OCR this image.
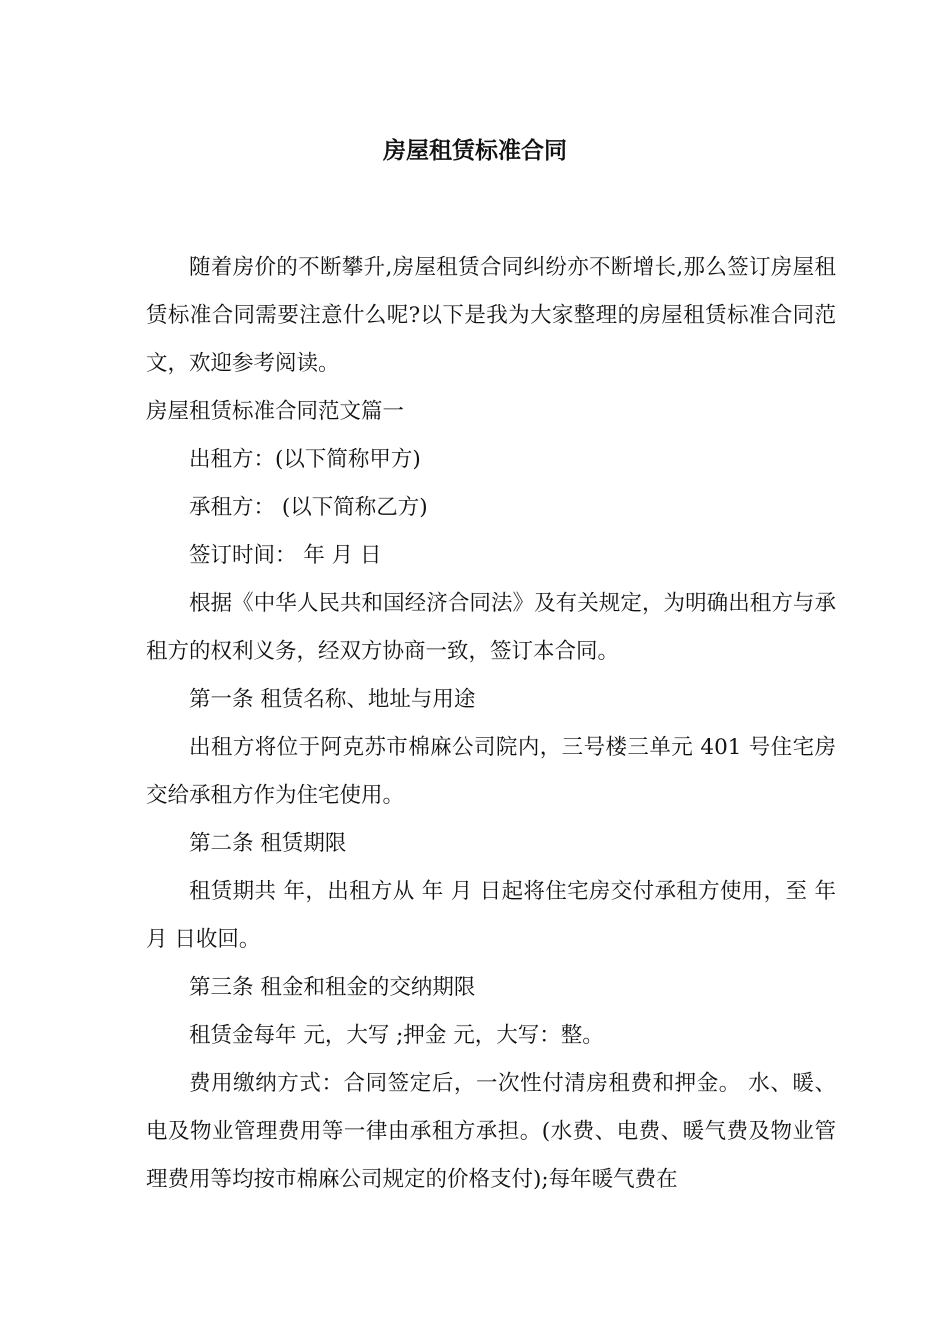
房屋租赁标准合同

随着房价的不断攀升,房屋租赁合同纠纷亦不断增长,那么签订房屋租赁标准合同需要注意什么呢?以下是我为大家整理的房屋租赁标准合同范文，欢迎参考阅读。

房屋租赁标准合同范文篇一

出租方：(以下简称甲方)

承租方： (以下简称乙方)

签订时间： 年 月 日

根据《中华人民共和国经济合同法》及有关规定，为明确出租方与承租方的权利义务，经双方协商一致，签订本合同。

第一条 租赁名称、地址与用途

出租方将位于阿克苏市棉麻公司院内，三号楼三单元 401 号住宅房交给承租方作为住宅使用。

第二条 租赁期限

租赁期共 年，出租方从 年 月 日起将住宅房交付承租方使用，至 年 月 日收回。

第三条 租金和租金的交纳期限

租赁金每年 元，大写 ;押金 元，大写：整。

费用缴纳方式：合同签定后，一次性付清房租费和押金。 水、暖、电及物业管理费用等一律由承租方承担。(水费、电费、暖气费及物业管理费用等均按市棉麻公司规定的价格支付);每年暖气费在
